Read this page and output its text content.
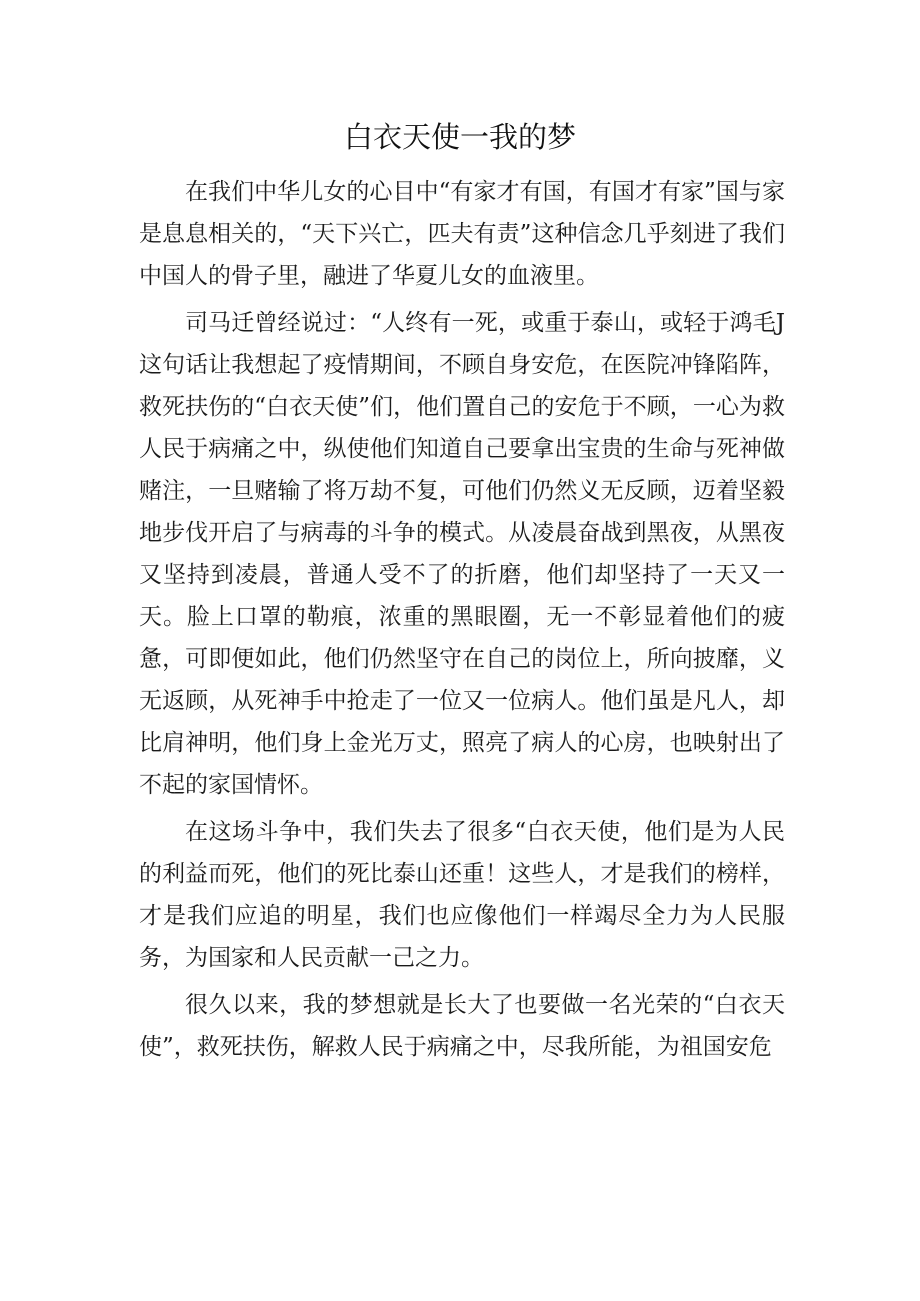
白衣天使一我的梦

在我们中华儿女的心目中“有家才有国，有国才有家”国与家是息息相关的，“天下兴亡，匹夫有责”这种信念几乎刻进了我们中国人的骨子里，融进了华夏儿女的血液里。

司马迁曾经说过：“人终有一死，或重于泰山，或轻于鸿毛J这句话让我想起了疫情期间，不顾自身安危，在医院冲锋陷阵，救死扶伤的“白衣天使”们，他们置自己的安危于不顾，一心为救人民于病痛之中，纵使他们知道自己要拿出宝贵的生命与死神做赌注，一旦赌输了将万劫不复，可他们仍然义无反顾，迈着坚毅地步伐开启了与病毒的斗争的模式。从凌晨奋战到黑夜，从黑夜又坚持到凌晨，普通人受不了的折磨，他们却坚持了一天又一天。脸上口罩的勒痕，浓重的黑眼圈，无一不彰显着他们的疲惫，可即便如此，他们仍然坚守在自己的岗位上，所向披靡，义无返顾，从死神手中抢走了一位又一位病人。他们虽是凡人，却比肩神明，他们身上金光万丈，照亮了病人的心房，也映射出了不起的家国情怀。

在这场斗争中，我们失去了很多“白衣天使，他们是为人民的利益而死，他们的死比泰山还重！这些人，才是我们的榜样，才是我们应追的明星，我们也应像他们一样竭尽全力为人民服务，为国家和人民贡献一己之力。

很久以来，我的梦想就是长大了也要做一名光荣的“白衣天使”，救死扶伤，解救人民于病痛之中，尽我所能，为祖国安危
